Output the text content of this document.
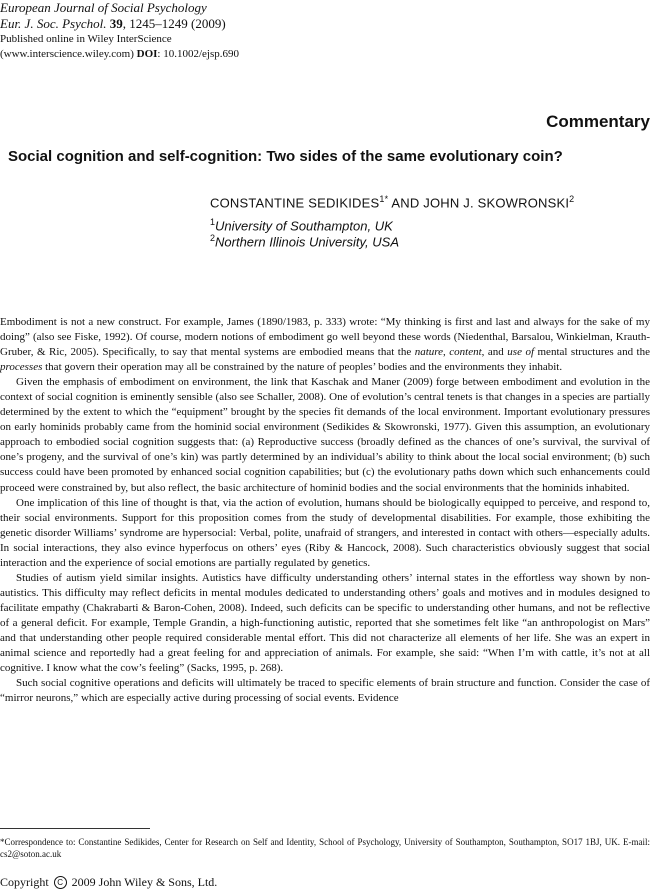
European Journal of Social Psychology
Eur. J. Soc. Psychol. 39, 1245–1249 (2009)
Published online in Wiley InterScience
(www.interscience.wiley.com) DOI: 10.1002/ejsp.690
Commentary
Social cognition and self-cognition: Two sides of the same evolutionary coin?
CONSTANTINE $SEDIKIDES^{1*}$ AND JOHN J. SKOWRONSKI$^2$
$^1$University of Southampton, UK
$^2$Northern Illinois University, USA

Embodiment is not a new construct. For example, James (1890/1983, p. 333) wrote: “My thinking is first and last and always for the sake of my doing” (also see Fiske, 1992). Of course, modern notions of embodiment go well beyond these words (Niedenthal, Barsalou, Winkielman, Krauth-Gruber, & Ric, 2005). Specifically, to say that mental systems are embodied means that the nature, content, and use of mental structures and the processes that govern their operation may all be constrained by the nature of peoples’ bodies and the environments they inhabit.

Given the emphasis of embodiment on environment, the link that Kaschak and Maner (2009) forge between embodiment and evolution in the context of social cognition is eminently sensible (also see Schaller, 2008). One of evolution’s central tenets is that changes in a species are partially determined by the extent to which the “equipment” brought by the species fit demands of the local environment. Important evolutionary pressures on early hominids probably came from the hominid social environment (Sedikides & Skowronski, 1977). Given this assumption, an evolutionary approach to embodied social cognition suggests that: (a) Reproductive success (broadly defined as the chances of one’s survival, the survival of one’s progeny, and the survival of one’s kin) was partly determined by an individual’s ability to think about the local social environment; (b) such success could have been promoted by enhanced social cognition capabilities; but (c) the evolutionary paths down which such enhancements could proceed were constrained by, but also reflect, the basic architecture of hominid bodies and the social environments that the hominids inhabited.

One implication of this line of thought is that, via the action of evolution, humans should be biologically equipped to perceive, and respond to, their social environments. Support for this proposition comes from the study of developmental disabilities. For example, those exhibiting the genetic disorder Williams’ syndrome are hypersocial: Verbal, polite, unafraid of strangers, and interested in contact with others—especially adults. In social interactions, they also evince hyperfocus on others’ eyes (Riby & Hancock, 2008). Such characteristics obviously suggest that social interaction and the experience of social emotions are partially regulated by genetics.

Studies of autism yield similar insights. Autistics have difficulty understanding others’ internal states in the effortless way shown by non-autistics. This difficulty may reflect deficits in mental modules dedicated to understanding others’ goals and motives and in modules designed to facilitate empathy (Chakrabarti & Baron-Cohen, 2008). Indeed, such deficits can be specific to understanding other humans, and not be reflective of a general deficit. For example, Temple Grandin, a high-functioning autistic, reported that she sometimes felt like “an anthropologist on Mars” and that understanding other people required considerable mental effort. This did not characterize all elements of her life. She was an expert in animal science and reportedly had a great feeling for and appreciation of animals. For example, she said: “When I’m with cattle, it’s not at all cognitive. I know what the cow’s feeling” (Sacks, 1995, p. 268).

Such social cognitive operations and deficits will ultimately be traced to specific elements of brain structure and function. Consider the case of “mirror neurons,” which are especially active during processing of social events. Evidence

*Correspondence to: Constantine Sedikides, Center for Research on Self and Identity, School of Psychology, University of Southampton, Southampton, SO17 1BJ, UK. E-mail: cs2@soton.ac.uk
Copyright C 2009 John Wiley & Sons, Ltd.
